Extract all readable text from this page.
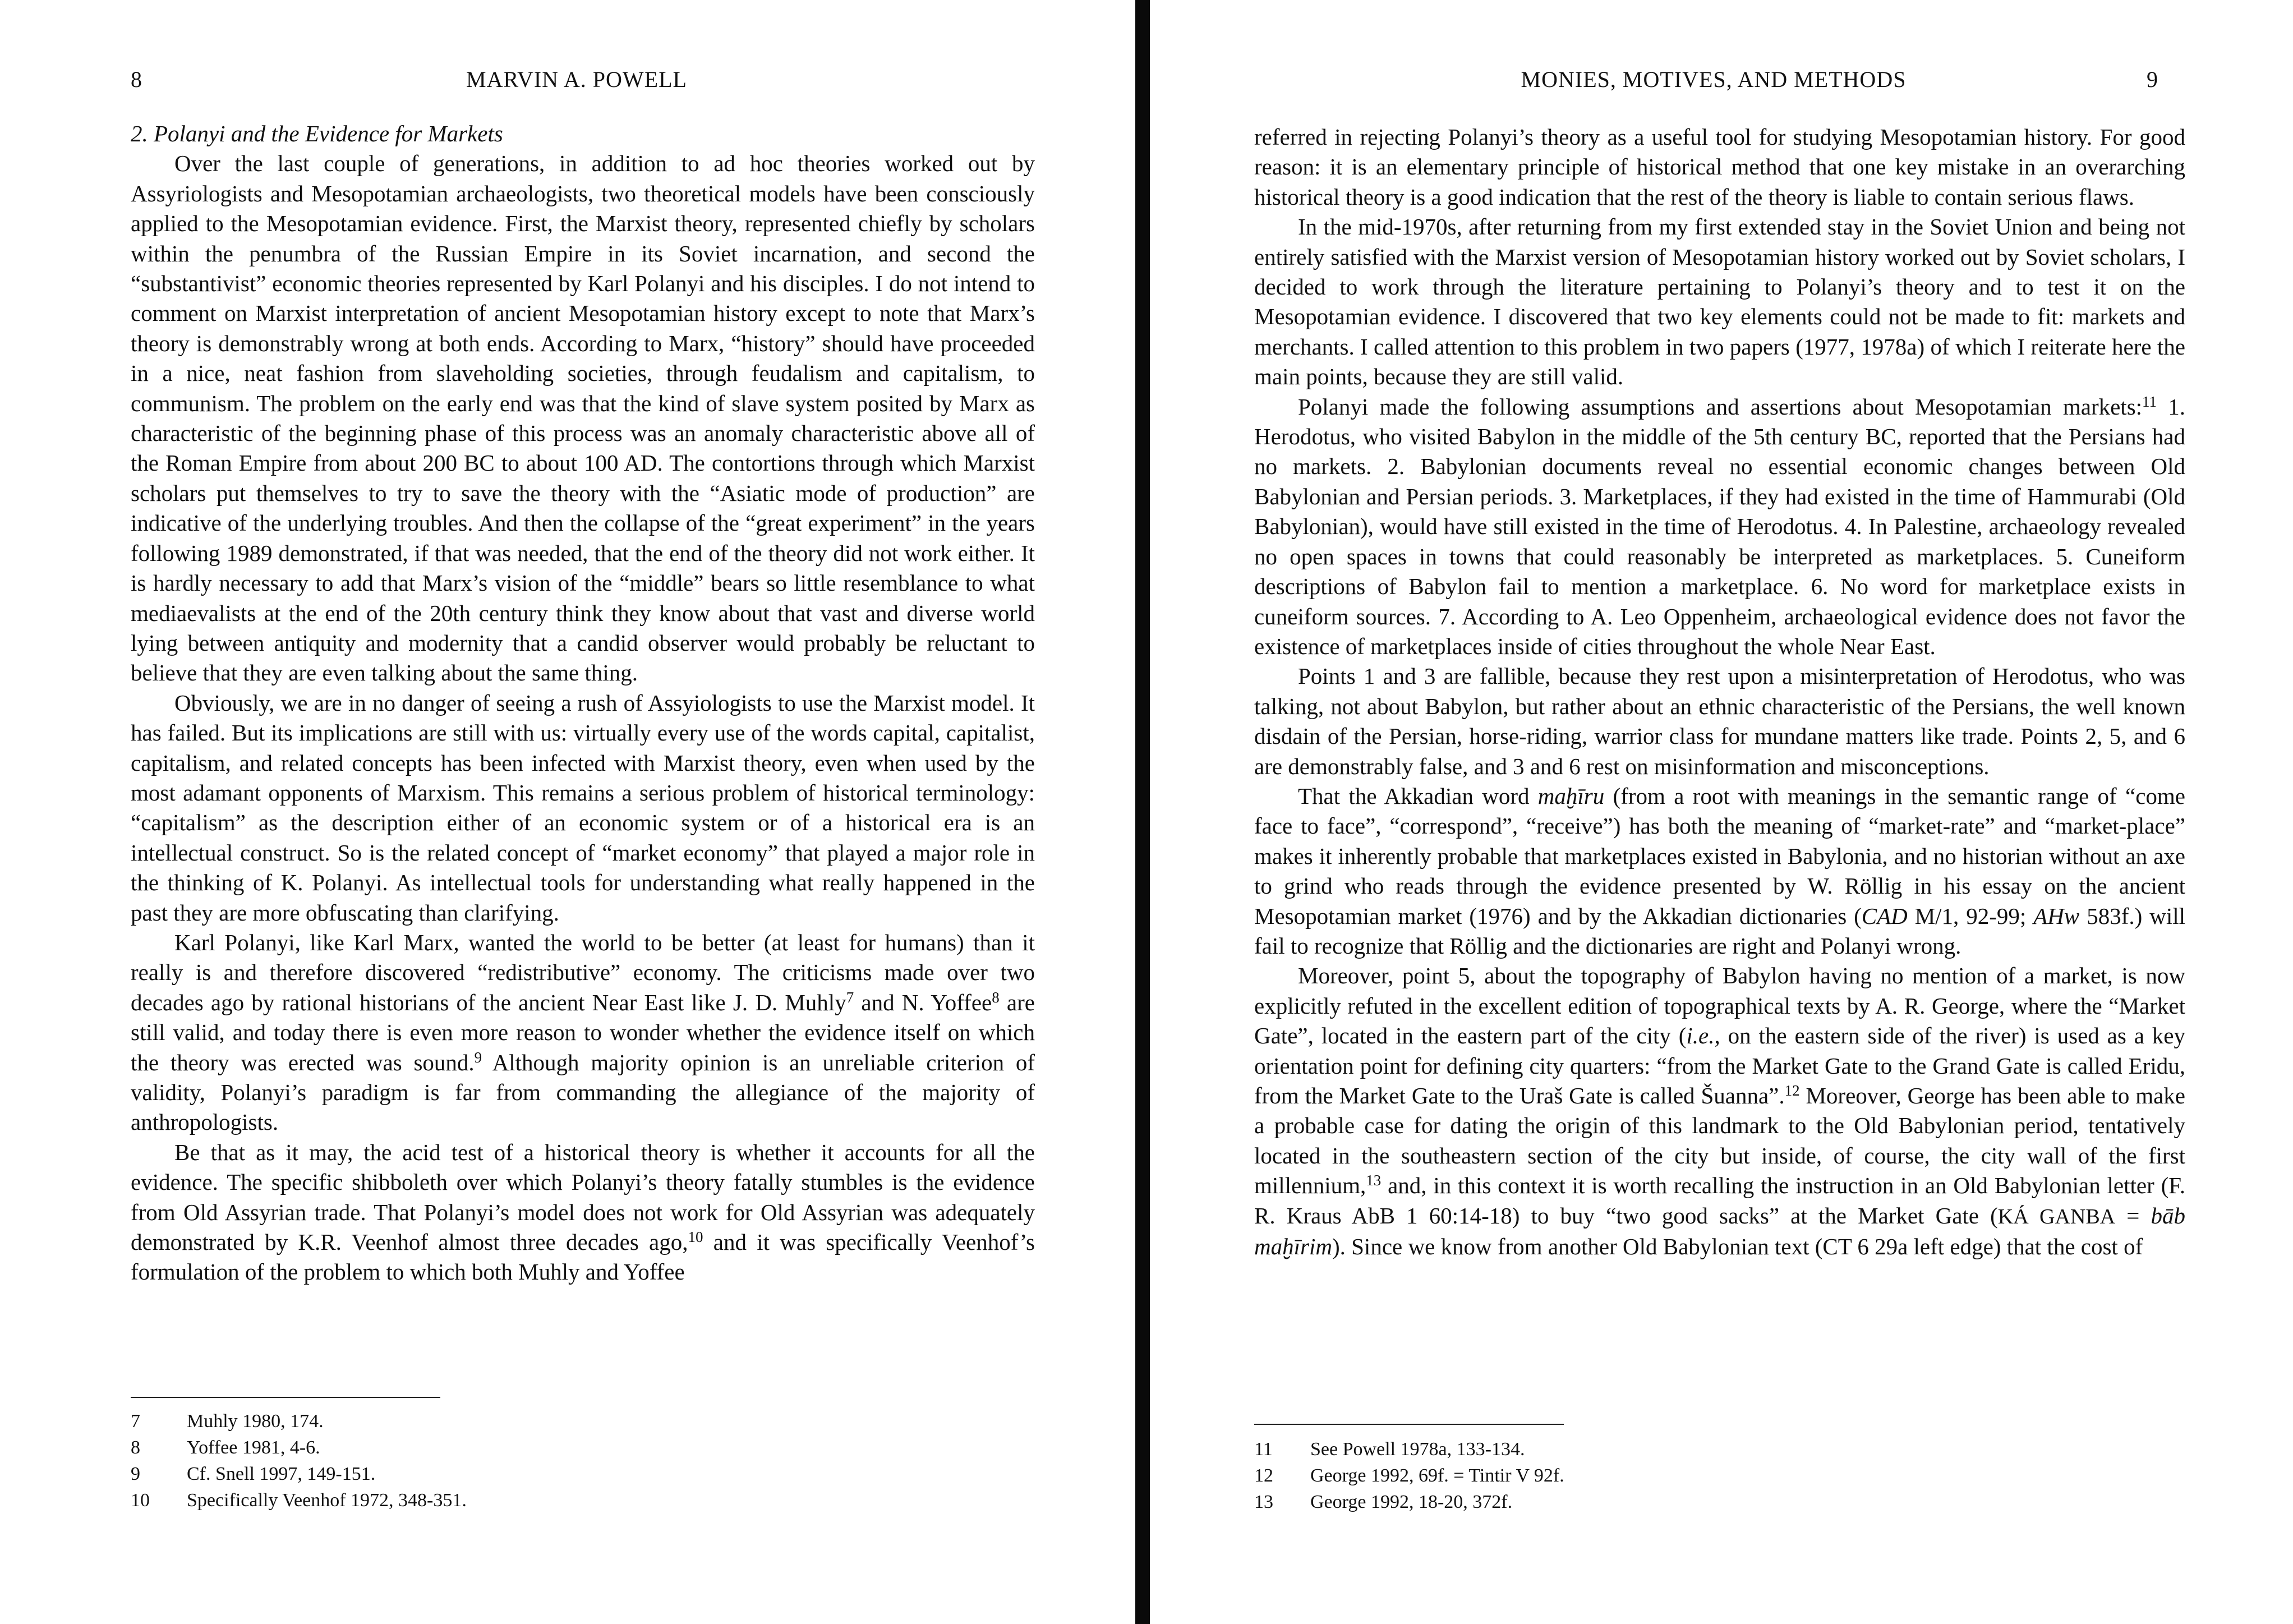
8	MARVIN A. POWELL

2. Polanyi and the Evidence for Markets

Over the last couple of generations, in addition to ad hoc theories worked out by Assyriologists and Mesopotamian archaeologists, two theoretical models have been consciously applied to the Mesopotamian evidence. First, the Marxist theory, represented chiefly by scholars within the penumbra of the Russian Empire in its Soviet incarnation, and second the “substantivist” economic theories represented by Karl Polanyi and his disciples. I do not intend to comment on Marxist interpretation of ancient Mesopotamian history except to note that Marx’s theory is demonstrably wrong at both ends. According to Marx, “history” should have proceeded in a nice, neat fashion from slaveholding societies, through feudalism and capitalism, to communism. The problem on the early end was that the kind of slave system posited by Marx as characteristic of the beginning phase of this process was an anomaly characteristic above all of the Roman Empire from about 200 BC to about 100 AD. The contortions through which Marxist scholars put themselves to try to save the theory with the “Asiatic mode of production” are indicative of the underlying troubles. And then the collapse of the “great experiment” in the years following 1989 demonstrated, if that was needed, that the end of the theory did not work either. It is hardly necessary to add that Marx’s vision of the “middle” bears so little resemblance to what mediaevalists at the end of the 20th century think they know about that vast and diverse world lying between antiquity and modernity that a candid observer would probably be reluctant to believe that they are even talking about the same thing.

Obviously, we are in no danger of seeing a rush of Assyiologists to use the Marxist model. It has failed. But its implications are still with us: virtually every use of the words capital, capitalist, capitalism, and related concepts has been infected with Marxist theory, even when used by the most adamant opponents of Marxism. This remains a serious problem of historical terminology: “capitalism” as the description either of an economic system or of a historical era is an intellectual construct. So is the related concept of “market economy” that played a major role in the thinking of K. Polanyi. As intellectual tools for understanding what really happened in the past they are more obfuscating than clarifying.

Karl Polanyi, like Karl Marx, wanted the world to be better (at least for humans) than it really is and therefore discovered “redistributive” economy. The criticisms made over two decades ago by rational historians of the ancient Near East like J. D. Muhly$^7$ and N. Yoffee$^8$ are still valid, and today there is even more reason to wonder whether the evidence itself on which the theory was erected was sound.$^9$ Although majority opinion is an unreliable criterion of validity, Polanyi’s paradigm is far from commanding the allegiance of the majority of anthropologists.

Be that as it may, the acid test of a historical theory is whether it accounts for all the evidence. The specific shibboleth over which Polanyi’s theory fatally stumbles is the evidence from Old Assyrian trade. That Polanyi’s model does not work for Old Assyrian was adequately demonstrated by K.R. Veenhof almost three decades ago,$^{10}$ and it was specifically Veenhof’s formulation of the problem to which both Muhly and Yoffee

7	Muhly 1980, 174.
8	Yoffee 1981, 4-6.
9	Cf. Snell 1997, 149-151.
10	Specifically Veenhof 1972, 348-351.
MONIES, MOTIVES, AND METHODS	9

referred in rejecting Polanyi’s theory as a useful tool for studying Mesopotamian history. For good reason: it is an elementary principle of historical method that one key mistake in an overarching historical theory is a good indication that the rest of the theory is liable to contain serious flaws.

In the mid-1970s, after returning from my first extended stay in the Soviet Union and being not entirely satisfied with the Marxist version of Mesopotamian history worked out by Soviet scholars, I decided to work through the literature pertaining to Polanyi’s theory and to test it on the Mesopotamian evidence. I discovered that two key elements could not be made to fit: markets and merchants. I called attention to this problem in two papers (1977, 1978a) of which I reiterate here the main points, because they are still valid.

Polanyi made the following assumptions and assertions about Mesopotamian markets:$^{11}$ 1. Herodotus, who visited Babylon in the middle of the 5th century BC, reported that the Persians had no markets. 2. Babylonian documents reveal no essential economic changes between Old Babylonian and Persian periods. 3. Marketplaces, if they had existed in the time of Hammurabi (Old Babylonian), would have still existed in the time of Herodotus. 4. In Palestine, archaeology revealed no open spaces in towns that could reasonably be interpreted as marketplaces. 5. Cuneiform descriptions of Babylon fail to mention a marketplace. 6. No word for marketplace exists in cuneiform sources. 7. According to A. Leo Oppenheim, archaeological evidence does not favor the existence of marketplaces inside of cities throughout the whole Near East.

Points 1 and 3 are fallible, because they rest upon a misinterpretation of Herodotus, who was talking, not about Babylon, but rather about an ethnic characteristic of the Persians, the well known disdain of the Persian, horse-riding, warrior class for mundane matters like trade. Points 2, 5, and 6 are demonstrably false, and 3 and 6 rest on misinformation and misconceptions.

That the Akkadian word maḫīru (from a root with meanings in the semantic range of “come face to face”, “correspond”, “receive”) has both the meaning of “market-rate” and “market-place” makes it inherently probable that marketplaces existed in Babylonia, and no historian without an axe to grind who reads through the evidence presented by W. Röllig in his essay on the ancient Mesopotamian market (1976) and by the Akkadian dictionaries (CAD M/1, 92-99; AHw 583f.) will fail to recognize that Röllig and the dictionaries are right and Polanyi wrong.

Moreover, point 5, about the topography of Babylon having no mention of a market, is now explicitly refuted in the excellent edition of topographical texts by A. R. George, where the “Market Gate”, located in the eastern part of the city (i.e., on the eastern side of the river) is used as a key orientation point for defining city quarters: “from the Market Gate to the Grand Gate is called Eridu, from the Market Gate to the Uraš Gate is called Šuanna”.$^{12}$ Moreover, George has been able to make a probable case for dating the origin of this landmark to the Old Babylonian period, tentatively located in the southeastern section of the city but inside, of course, the city wall of the first millennium,$^{13}$ and, in this context it is worth recalling the instruction in an Old Babylonian letter (F. R. Kraus AbB 1 60:14-18) to buy “two good sacks” at the Market Gate (KÁ GANBA = bāb maḫīrim). Since we know from another Old Babylonian text (CT 6 29a left edge) that the cost of

11	See Powell 1978a, 133-134.
12	George 1992, 69f. = Tintir V 92f.
13	George 1992, 18-20, 372f.
